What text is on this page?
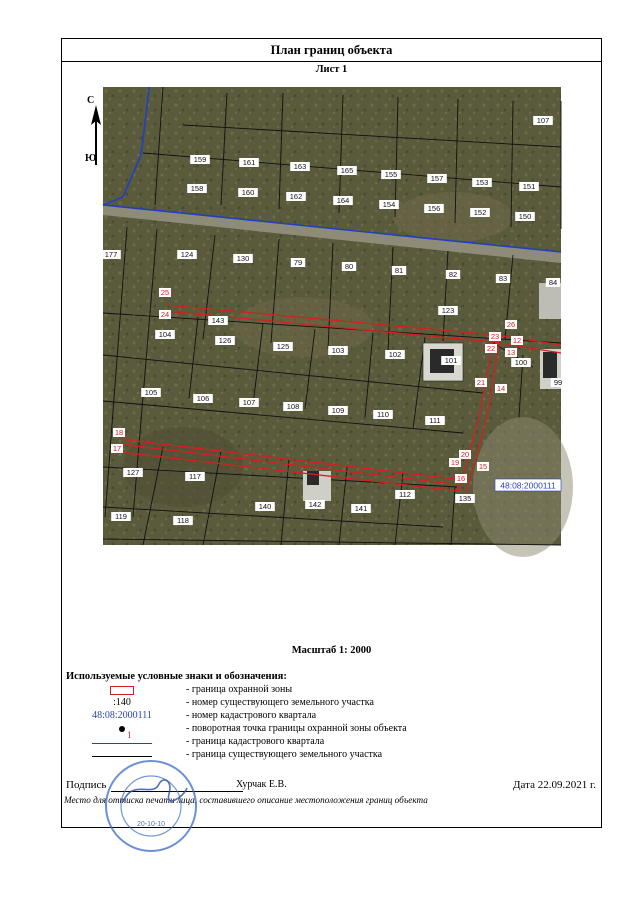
План границ объекта
Лист 1
С
Ю	159	161	163	165	155	157	153	151
158	160	162	164	154	156	152	150
177	124	130	79	80	81	82	83	84
123
104
126
125	103	102
101	100
99
105
106	107	108	109	110
111
127	117
140	142	141
112	135
119	118
143
107
25
24
26
23 12
13
22
21
14
18
17
20
15
19
16
48:08:2000111
Масштаб 1: 2000
Используемые условные знаки и обозначения:
- граница охранной зоны
:140	- номер существующего земельного участка
48:08:2000111	- номер кадастрового квартала
- поворотная точка границы охранной зоны объекта
1
- граница кадастрового квартала
- граница существующего земельного участка
Подпись	Хурчак Е.В.	Дата 22.09.2021 г.
Место для оттиска печати лица, составившего описание местоположения границ объекта
20-10-10
